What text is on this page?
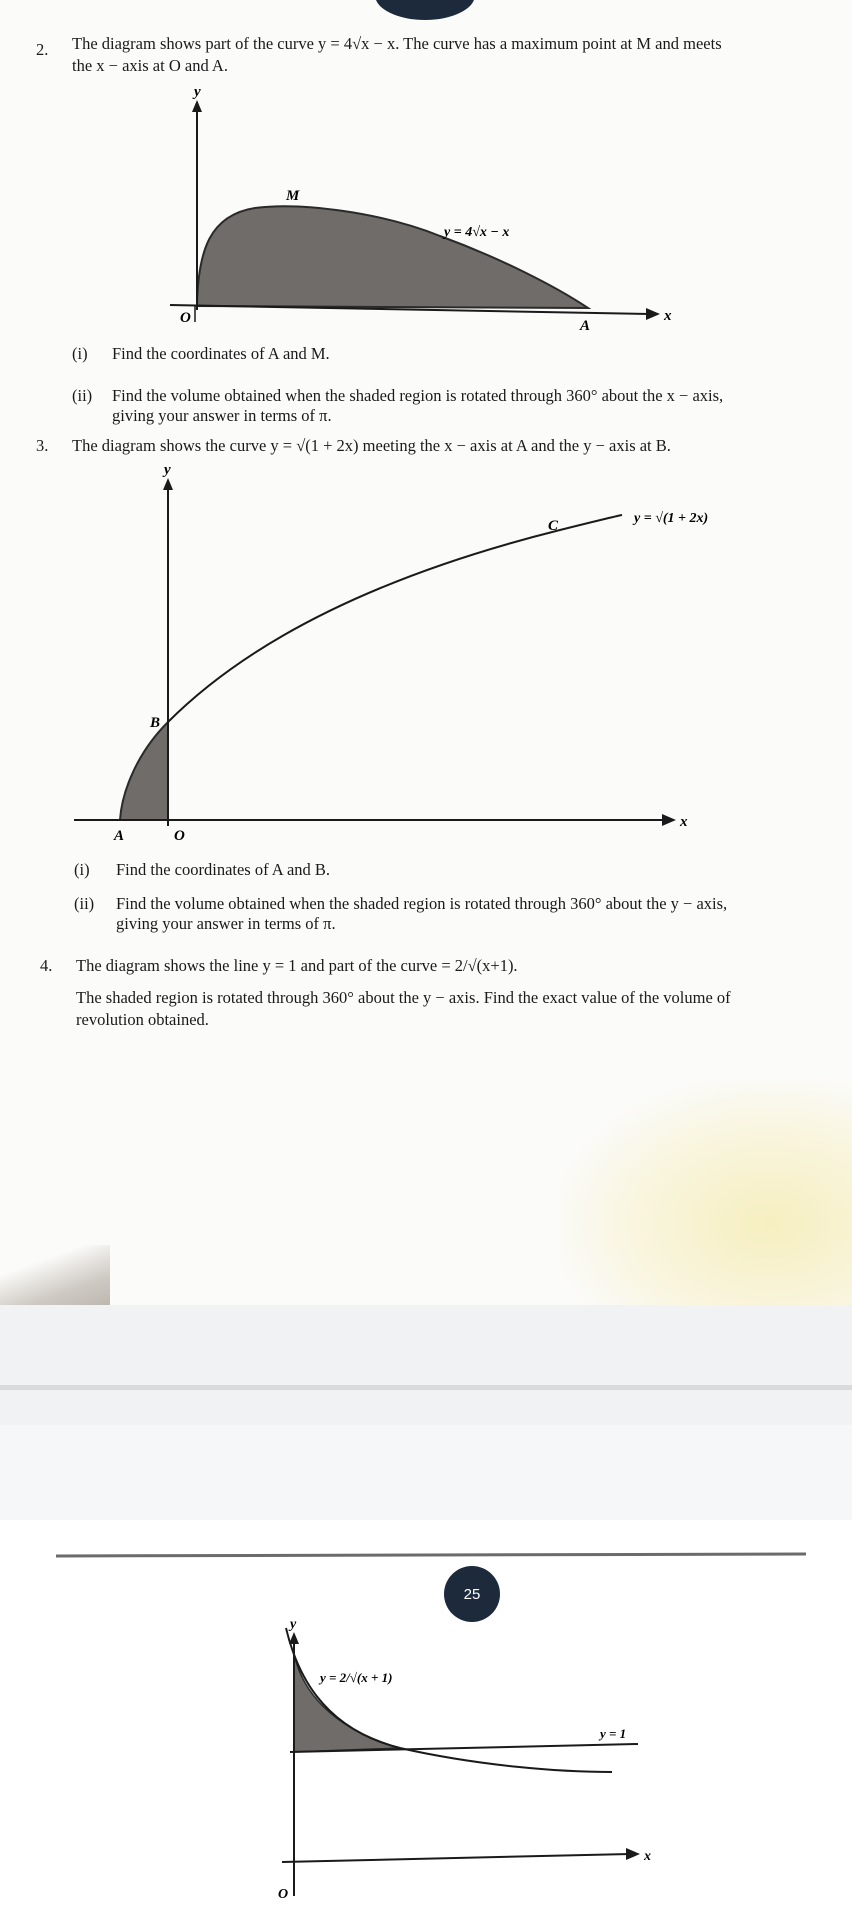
2. The diagram shows part of the curve y = 4√x − x. The curve has a maximum point at M and meets
the x − axis at O and A.
y
x
O
M
A
y = 4√x − x
(i) Find the coordinates of A and M.
(ii) Find the volume obtained when the shaded region is rotated through 360° about the x − axis,
giving your answer in terms of π.
3. The diagram shows the curve y = √(1 + 2x) meeting the x − axis at A and the y − axis at B.
y
x
O
A
B
C	y = √(1 + 2x)
(i) Find the coordinates of A and B.
(ii) Find the volume obtained when the shaded region is rotated through 360° about the y − axis,
giving your answer in terms of π.
4. The diagram shows the line y = 1 and part of the curve = 2/√(x+1).
The shaded region is rotated through 360° about the y − axis. Find the exact value of the volume of
revolution obtained.
y
x
O
y = 2/√(x + 1)
y = 1
25
